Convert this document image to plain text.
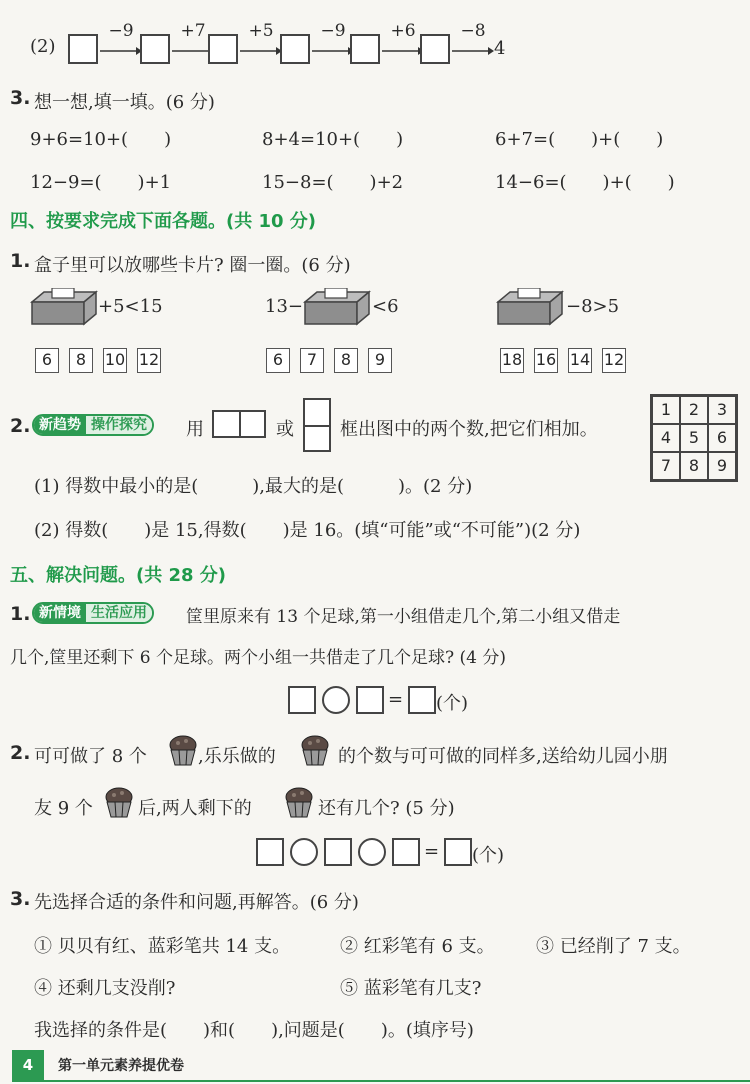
(2)
−9	+7	+5	−9	+6	−8
4
3. 想一想,填一填。(6 分)
9+6=10+(　　)	8+4=10+(　　)	6+7=(　　)+(　　)
12−9=(　　)+1	15−8=(　　)+2	14−6=(　　)+(　　)
四、按要求完成下面各题。(共 10 分)
1. 盒子里可以放哪些卡片? 圈一圈。(6 分)
+5<15	13−	<6	−8>5
6	8	10 12	6	7	8	9	18 16 14 12
2. 新趋势 操作探究 用	或	框出图中的两个数,把它们相加。
1	2	3
4	5	6
7	8	9
(1) 得数中最小的是(　　　),最大的是(　　　)。(2 分)
(2) 得数(　　)是 15,得数(　　)是 16。(填“可能”或“不可能”)(2 分)
五、解决问题。(共 28 分)
1. 新情境 生活应用 筐里原来有 13 个足球,第一小组借走几个,第二小组又借走
几个,筐里还剩下 6 个足球。两个小组一共借走了几个足球? (4 分)
= (个)
2. 可可做了 8 个	,乐乐做的	的个数与可可做的同样多,送给幼儿园小朋
友 9 个	后,两人剩下的	还有几个? (5 分)
= (个)
3. 先选择合适的条件和问题,再解答。(6 分)
① 贝贝有红、蓝彩笔共 14 支。	② 红彩笔有 6 支。 ③ 已经削了 7 支。
④ 还剩几支没削?	⑤ 蓝彩笔有几支?
我选择的条件是(　　)和(　　),问题是(　　)。(填序号)
4	第一单元素养提优卷
